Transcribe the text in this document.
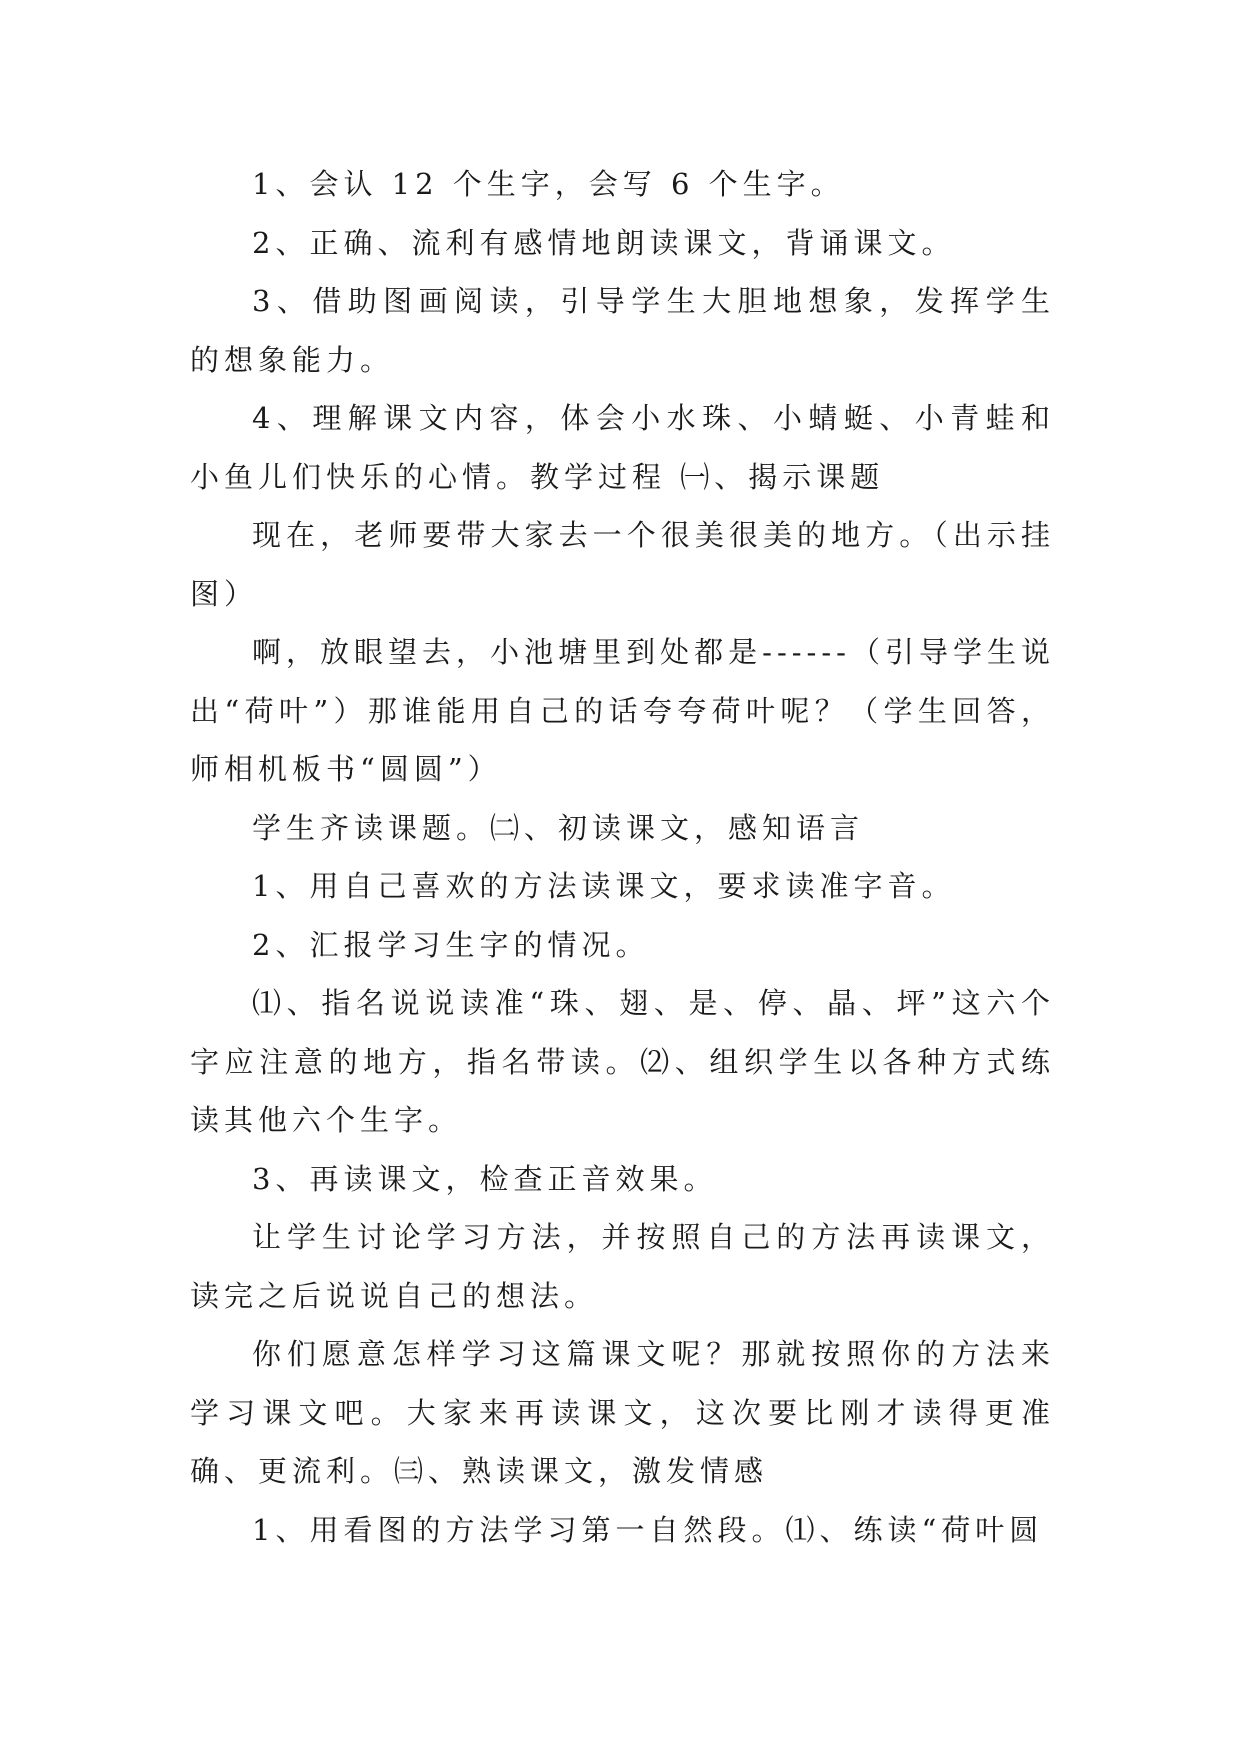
1、会认 12 个生字，会写 6 个生字。

2、正确、流利有感情地朗读课文，背诵课文。

3、借助图画阅读，引导学生大胆地想象，发挥学生的想象能力。

4、理解课文内容，体会小水珠、小蜻蜓、小青蛙和小鱼儿们快乐的心情。教学过程 ㈠、揭示课题

现在，老师要带大家去一个很美很美的地方。（出示挂图）

啊，放眼望去，小池塘里到处都是------（引导学生说出“荷叶”）那谁能用自己的话夸夸荷叶呢？（学生回答，师相机板书“圆圆”）

学生齐读课题。㈡、初读课文，感知语言

1、用自己喜欢的方法读课文，要求读准字音。

2、汇报学习生字的情况。

⑴、指名说说读准“珠、翅、是、停、晶、坪”这六个字应注意的地方，指名带读。⑵、组织学生以各种方式练读其他六个生字。

3、再读课文，检查正音效果。

让学生讨论学习方法，并按照自己的方法再读课文，读完之后说说自己的想法。

你们愿意怎样学习这篇课文呢？那就按照你的方法来学习课文吧。大家来再读课文，这次要比刚才读得更准确、更流利。㈢、熟读课文，激发情感

1、用看图的方法学习第一自然段。⑴、练读“荷叶圆
